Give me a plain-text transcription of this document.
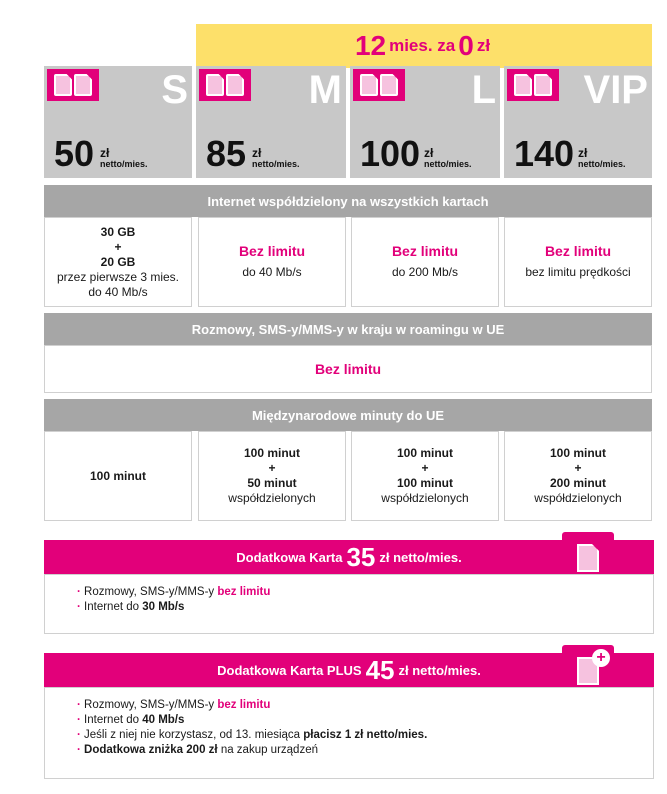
12 mies. za 0 zł
S
50 zł
netto/mies.
M
85 zł
netto/mies.
L
100 zł
netto/mies.
VIP
140 zł
netto/mies.
Internet współdzielony na wszystkich kartach
30 GB
+
20 GB
przez pierwsze 3 mies.
do 40 Mb/s
Bez limitu
do 40 Mb/s
Bez limitu
do 200 Mb/s
Bez limitu
bez limitu prędkości
Rozmowy, SMS-y/MMS-y w kraju w roamingu w UE
Bez limitu
Międzynarodowe minuty do UE
100 minut
100 minut
+
50 minut
współdzielonych
100 minut
+
100 minut
współdzielonych
100 minut
+
200 minut
współdzielonych
Dodatkowa Karta 35 zł netto/mies.
· Rozmowy, SMS-y/MMS-y bez limitu
· Internet do 30 Mb/s
Dodatkowa Karta PLUS 45 zł netto/mies.
+
· Rozmowy, SMS-y/MMS-y bez limitu
· Internet do 40 Mb/s
· Jeśli z niej nie korzystasz, od 13. miesiąca płacisz 1 zł netto/mies.
· Dodatkowa zniżka 200 zł na zakup urządzeń
